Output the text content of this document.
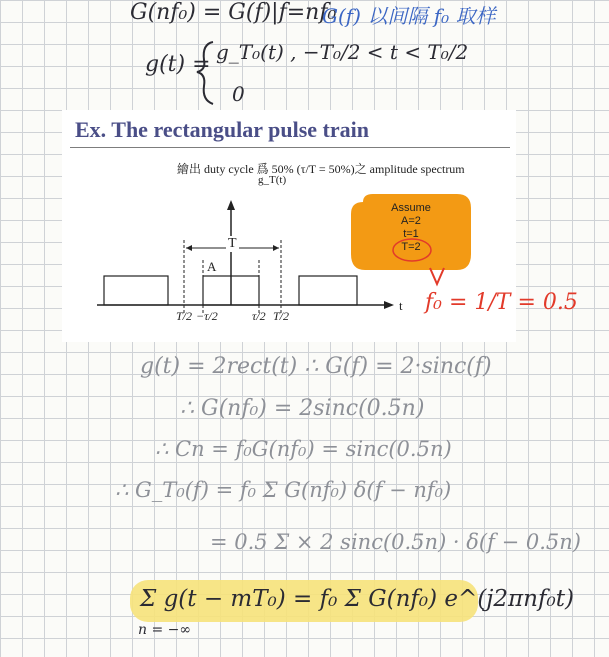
G(nf₀) = G(f)|f=nf₀
G(f) 以间隔 f₀ 取样
g(t) = g_T₀(t) , −T₀/2 < t < T₀/2
0
Ex. The rectangular pulse train
繪出 duty cycle 爲 50% (τ/T = 50%)之 amplitude spectrum
g_T(t)
T
A
t
T/2 −τ/2	τ/2 T/2
Assume
A=2
t=1
T=2
f₀ = 1/T = 0.5
g(t) = 2rect(t) ∴ G(f) = 2·sinc(f)
∴ G(nf₀) = 2sinc(0.5n)
∴ Cn = f₀G(nf₀) = sinc(0.5n)
∴ G_T₀(f) = f₀ Σ G(nf₀) δ(f − nf₀)
= 0.5 Σ × 2 sinc(0.5n) · δ(f − 0.5n)
Σ g(t − mT₀) = f₀ Σ G(nf₀) e^(j2πnf₀t)
n = −∞
